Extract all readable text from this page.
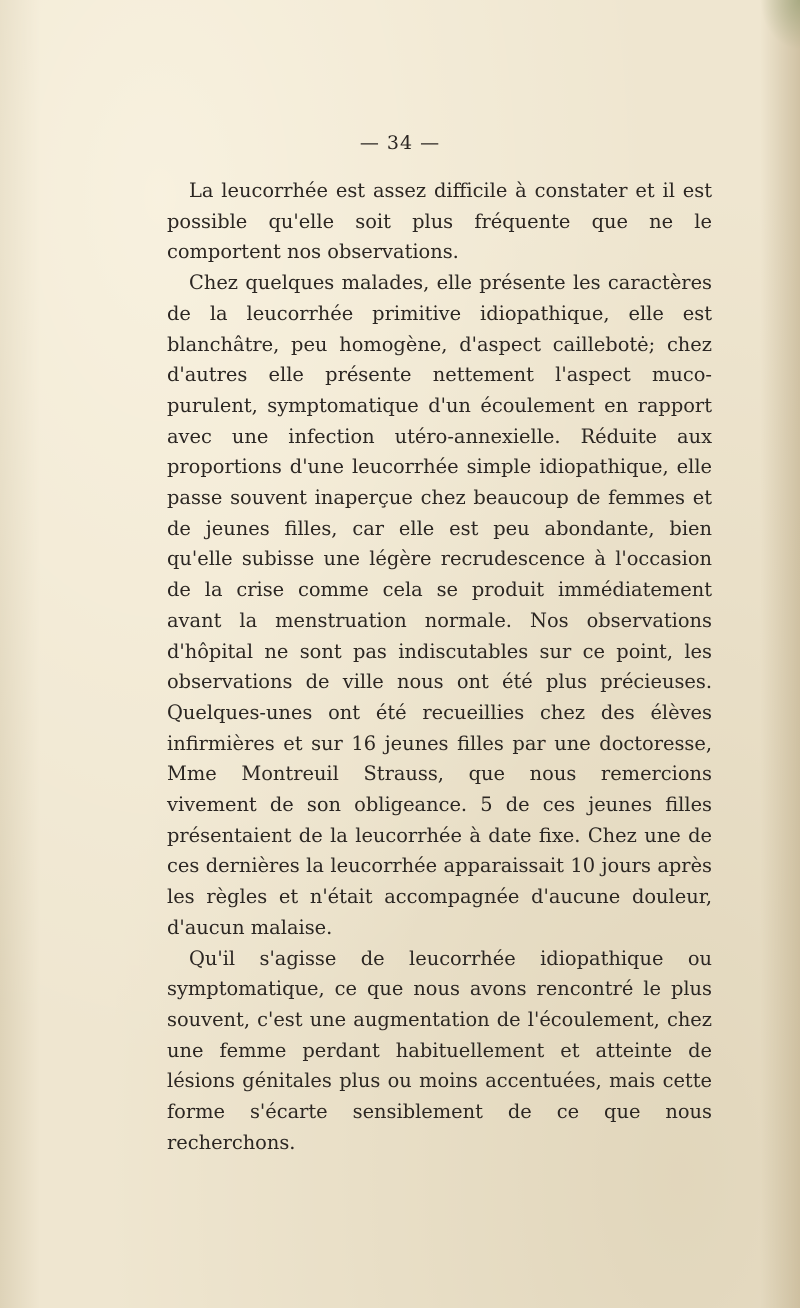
— 34 —

La leucorrhée est assez difficile à constater et il est possible qu'elle soit plus fréquente que ne le comportent nos observations.

Chez quelques malades, elle présente les caractères de la leucorrhée primitive idiopathique, elle est blanchâtre, peu homogène, d'aspect caillebotė; chez d'autres elle présente nettement l'aspect muco-purulent, symptomatique d'un écoulement en rapport avec une infection utéro-annexielle. Réduite aux proportions d'une leucorrhée simple idiopathique, elle passe souvent inaperçue chez beaucoup de femmes et de jeunes filles, car elle est peu abondante, bien qu'elle subisse une légère recrudescence à l'occasion de la crise comme cela se produit immédiatement avant la menstruation normale. Nos observations d'hôpital ne sont pas indiscutables sur ce point, les observations de ville nous ont été plus précieuses. Quelques-unes ont été recueillies chez des élèves infirmières et sur 16 jeunes filles par une doctoresse, Mme Montreuil Strauss, que nous remercions vivement de son obligeance. 5 de ces jeunes filles présentaient de la leucorrhée à date fixe. Chez une de ces dernières la leucorrhée apparaissait 10 jours après les règles et n'était accompagnée d'aucune douleur, d'aucun malaise.

Qu'il s'agisse de leucorrhée idiopathique ou symptomatique, ce que nous avons rencontré le plus souvent, c'est une augmentation de l'écoulement, chez une femme perdant habituellement et atteinte de lésions génitales plus ou moins accentuées, mais cette forme s'écarte sensiblement de ce que nous recherchons.
